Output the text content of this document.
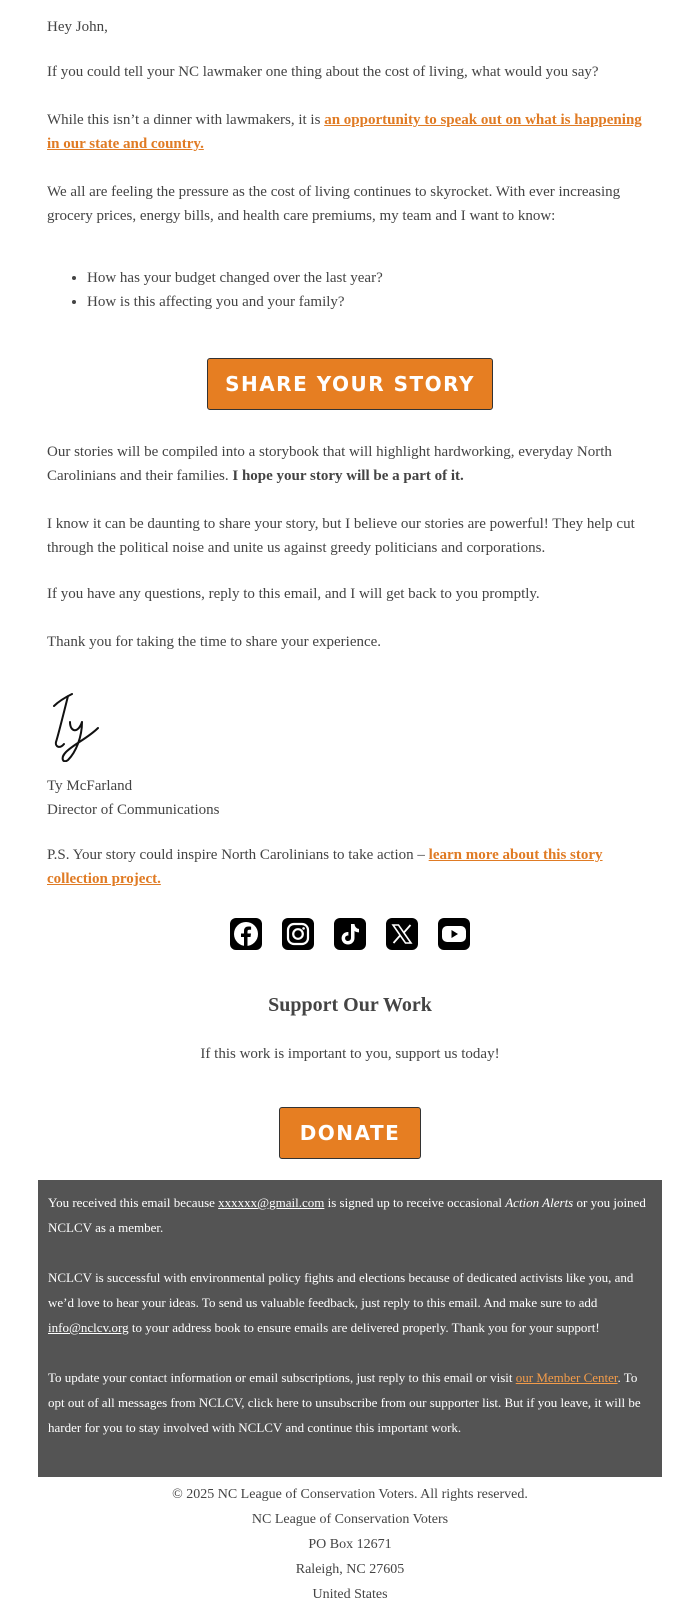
Hey John,

If you could tell your NC lawmaker one thing about the cost of living, what would you say?

While this isn’t a dinner with lawmakers, it is an opportunity to speak out on what is happening in our state and country.

We all are feeling the pressure as the cost of living continues to skyrocket. With ever increasing grocery prices, energy bills, and health care premiums, my team and I want to know:

• How has your budget changed over the last year?
• How is this affecting you and your family?
SHARE YOUR STORY

Our stories will be compiled into a storybook that will highlight hardworking, everyday North Carolinians and their families. I hope your story will be a part of it.

I know it can be daunting to share your story, but I believe our stories are powerful! They help cut through the political noise and unite us against greedy politicians and corporations.

If you have any questions, reply to this email, and I will get back to you promptly.

Thank you for taking the time to share your experience.

Ty McFarland

Director of Communications

P.S. Your story could inspire North Carolinians to take action – learn more about this story collection project.

Support Our Work
If this work is important to you, support us today!
DONATE

You received this email because xxxxxx@gmail.com is signed up to receive occasional Action Alerts or you joined NCLCV as a member.

NCLCV is successful with environmental policy fights and elections because of dedicated activists like you, and we’d love to hear your ideas. To send us valuable feedback, just reply to this email. And make sure to add info@nclcv.org to your address book to ensure emails are delivered properly. Thank you for your support!

To update your contact information or email subscriptions, just reply to this email or visit our Member Center. To opt out of all messages from NCLCV, click here to unsubscribe from our supporter list. But if you leave, it will be harder for you to stay involved with NCLCV and continue this important work.

© 2025 NC League of Conservation Voters. All rights reserved.
NC League of Conservation Voters
PO Box 12671
Raleigh, NC 27605
United States
